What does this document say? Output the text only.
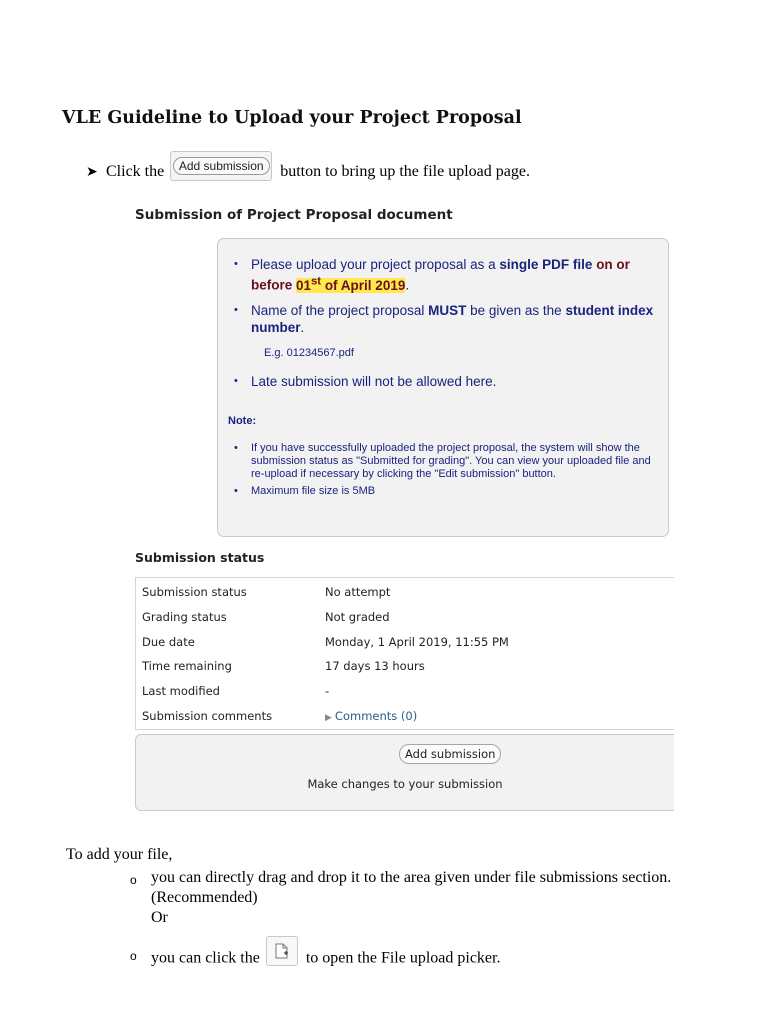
VLE Guideline to Upload your Project Proposal
➤ Click the	Add submission	button to bring up the file upload page.
Submission of Project Proposal document
• Please upload your project proposal as a single PDF file on or before 01st of April 2019.
• Name of the project proposal MUST be given as the student index number.
E.g. 01234567.pdf
• Late submission will not be allowed here.
Note:
• If you have successfully uploaded the project proposal, the system will show the submission status as "Submitted for grading". You can view your uploaded file and re-upload if necessary by clicking the "Edit submission" button.
• Maximum file size is 5MB
Submission status
Submission status	No attempt
Grading status	Not graded
Due date	Monday, 1 April 2019, 11:55 PM
Time remaining	17 days 13 hours
Last modified	-
Submission comments	▶ Comments (0)
Add submission
Make changes to your submission
To add your file,
o you can directly drag and drop it to the area given under file submissions section.
(Recommended)
Or
o you can click the	to open the File upload picker.
